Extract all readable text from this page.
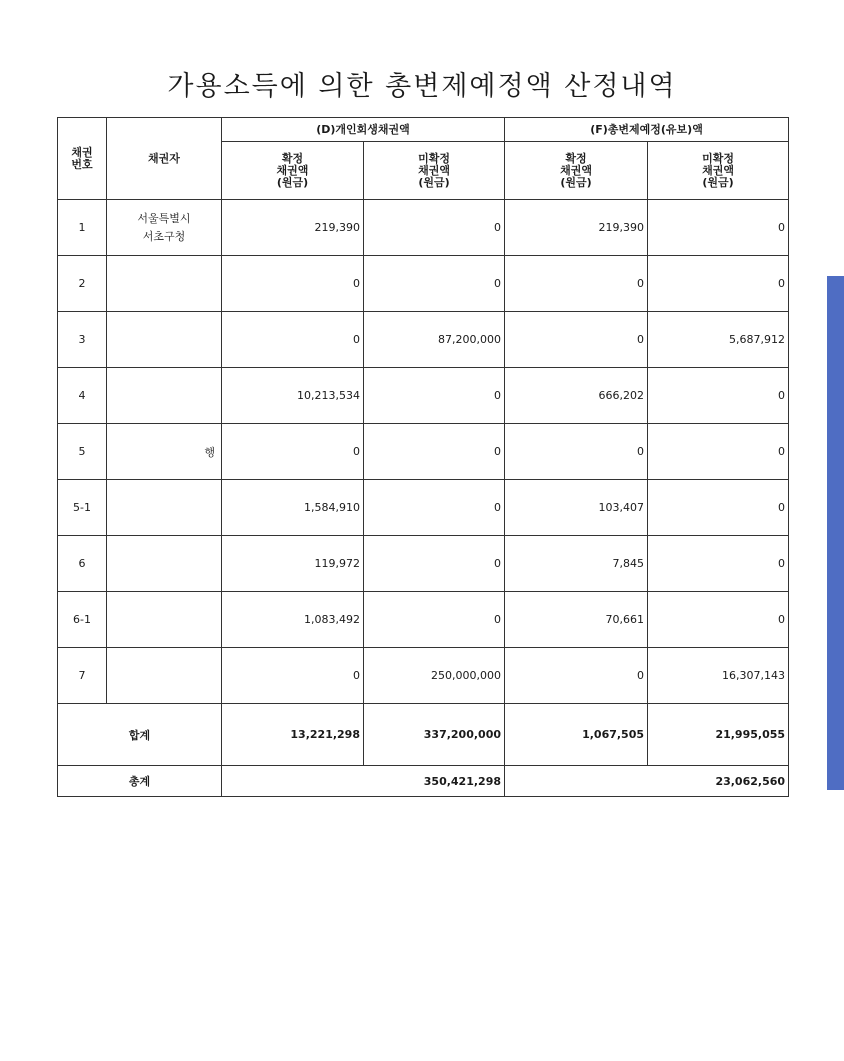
가용소득에 의한 총변제예정액 산정내역
채권
번호	채권자	(D)개인회생채권액		(F)총변제예정(유보)액	

		확정
채권액
(원금)	미확정
채권액
(원금)	확정
채권액
(원금)	미확정
채권액
(원금)

1	서울특별시
서초구청	219,390	0	219,390	0
2		0	0	0	0
3		0	87,200,000	0	5,687,912
4		10,213,534	0	666,202	0
5	행	0	0	0	0
5-1		1,584,910	0	103,407	0
6		119,972	0	7,845	0
6-1		1,083,492	0	70,661	0
7		0	250,000,000	0	16,307,143
합계		13,221,298	337,200,000	1,067,505	21,995,055
총계		350,421,298		23,062,560	
